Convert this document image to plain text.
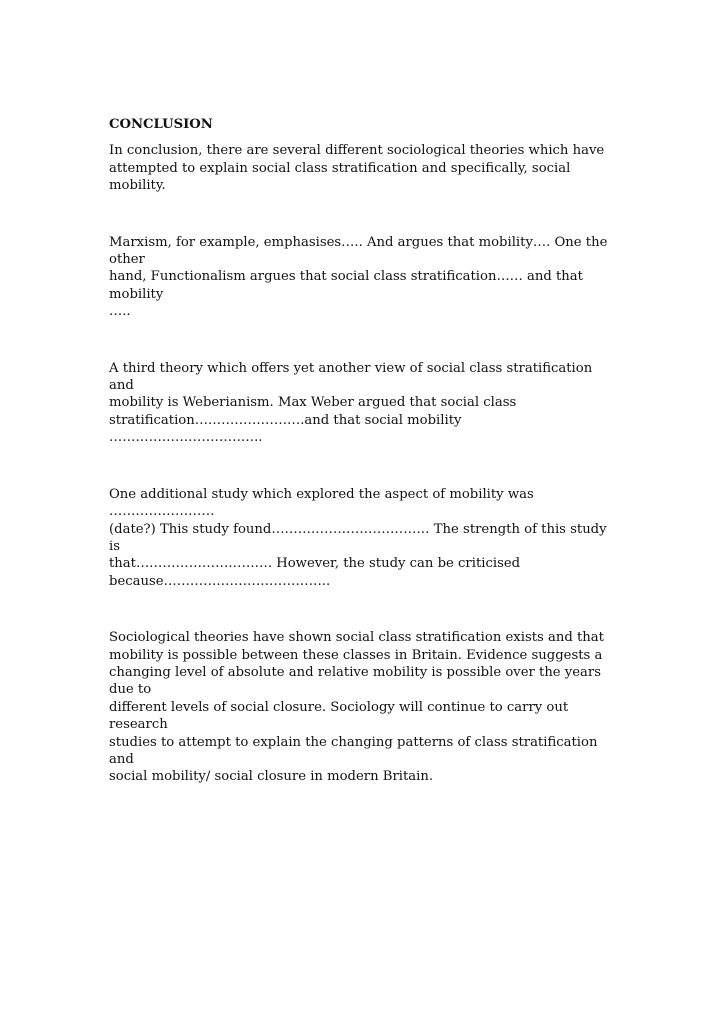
CONCLUSION

In conclusion, there are several different sociological theories which have
attempted to explain social class stratification and specifically, social mobility.

Marxism, for example, emphasises….. And argues that mobility…. One the other
hand, Functionalism argues that social class stratification…… and that mobility
…..

A third theory which offers yet another view of social class stratification and
mobility is Weberianism. Max Weber argued that social class
stratification…………………….and that social mobility ……………………………..

One additional study which explored the aspect of mobility was ……………………
(date?) This study found……………………………… The strength of this study is
that…………………………. However, the study can be criticised
because………………………………..

Sociological theories have shown social class stratification exists and that
mobility is possible between these classes in Britain. Evidence suggests a
changing level of absolute and relative mobility is possible over the years due to
different levels of social closure. Sociology will continue to carry out research
studies to attempt to explain the changing patterns of class stratification and
social mobility/ social closure in modern Britain.
